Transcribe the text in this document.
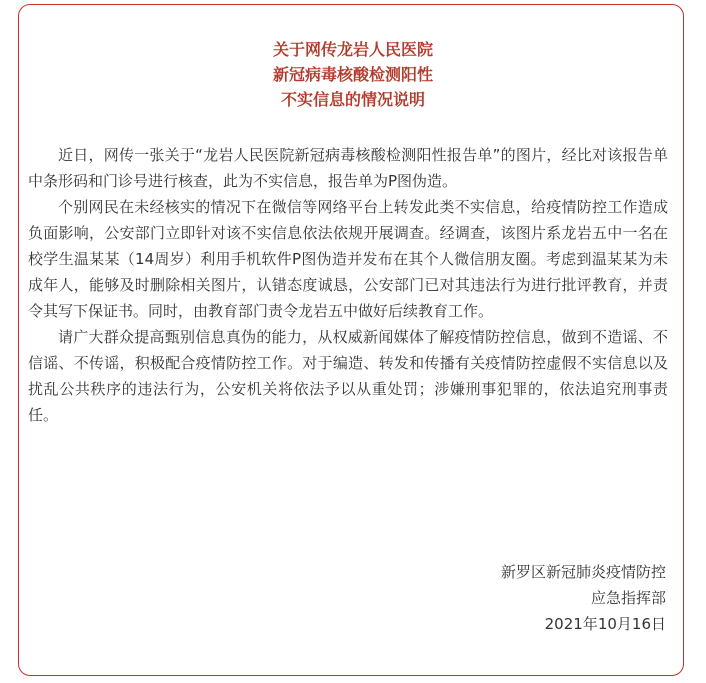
关于网传龙岩人民医院
新冠病毒核酸检测阳性
不实信息的情况说明

近日，网传一张关于“龙岩人民医院新冠病毒核酸检测阳性报告单”的图片，经比对该报告单中条形码和门诊号进行核查，此为不实信息，报告单为P图伪造。

个别网民在未经核实的情况下在微信等网络平台上转发此类不实信息，给疫情防控工作造成负面影响，公安部门立即针对该不实信息依法依规开展调查。经调查，该图片系龙岩五中一名在校学生温某某（14周岁）利用手机软件P图伪造并发布在其个人微信朋友圈。考虑到温某某为未成年人，能够及时删除相关图片，认错态度诚恳，公安部门已对其违法行为进行批评教育，并责令其写下保证书。同时，由教育部门责令龙岩五中做好后续教育工作。

请广大群众提高甄别信息真伪的能力，从权威新闻媒体了解疫情防控信息，做到不造谣、不信谣、不传谣，积极配合疫情防控工作。对于编造、转发和传播有关疫情防控虚假不实信息以及扰乱公共秩序的违法行为，公安机关将依法予以从重处罚；涉嫌刑事犯罪的，依法追究刑事责任。

新罗区新冠肺炎疫情防控
应急指挥部
2021年10月16日
